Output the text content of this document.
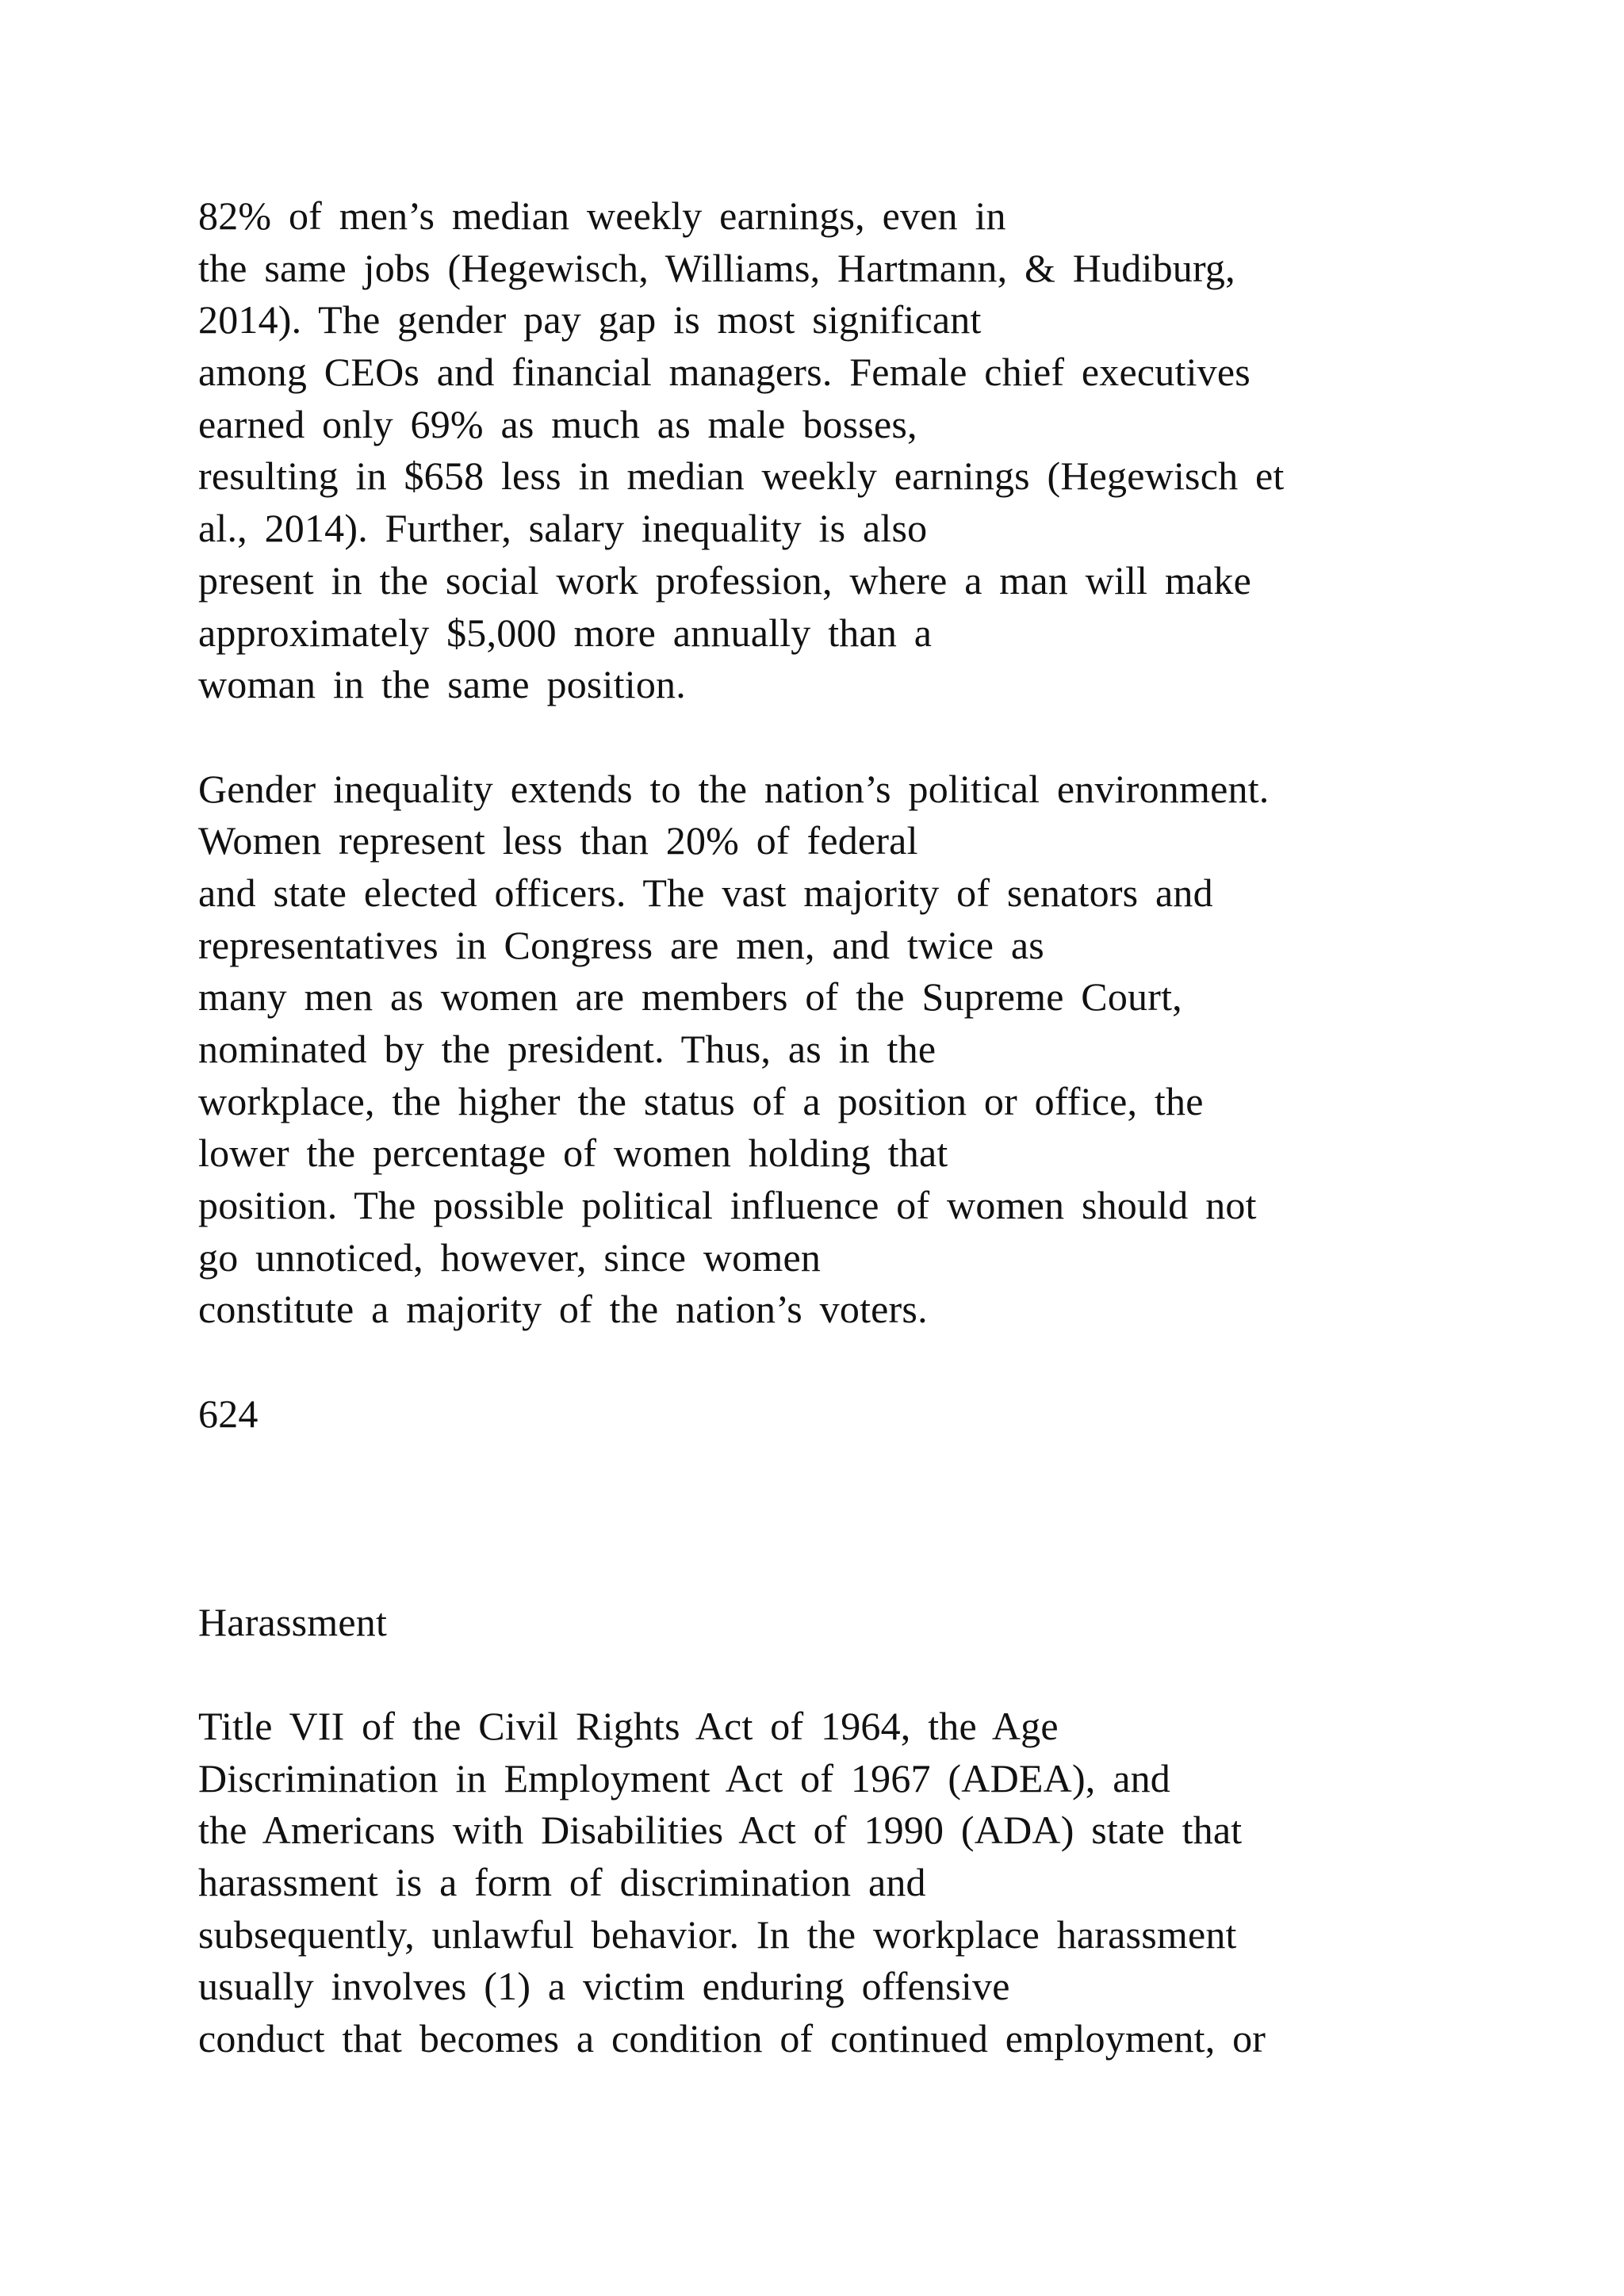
82% of men’s median weekly earnings, even in
the same jobs (Hegewisch, Williams, Hartmann, & Hudiburg,
2014). The gender pay gap is most significant
among CEOs and financial managers. Female chief executives
earned only 69% as much as male bosses,
resulting in $658 less in median weekly earnings (Hegewisch et
al., 2014). Further, salary inequality is also
present in the social work profession, where a man will make
approximately $5,000 more annually than a
woman in the same position.
Gender inequality extends to the nation’s political environment.
Women represent less than 20% of federal
and state elected officers. The vast majority of senators and
representatives in Congress are men, and twice as
many men as women are members of the Supreme Court,
nominated by the president. Thus, as in the
workplace, the higher the status of a position or office, the
lower the percentage of women holding that
position. The possible political influence of women should not
go unnoticed, however, since women
constitute a majority of the nation’s voters.
624
Harassment
Title VII of the Civil Rights Act of 1964, the Age
Discrimination in Employment Act of 1967 (ADEA), and
the Americans with Disabilities Act of 1990 (ADA) state that
harassment is a form of discrimination and
subsequently, unlawful behavior. In the workplace harassment
usually involves (1) a victim enduring offensive
conduct that becomes a condition of continued employment, or
